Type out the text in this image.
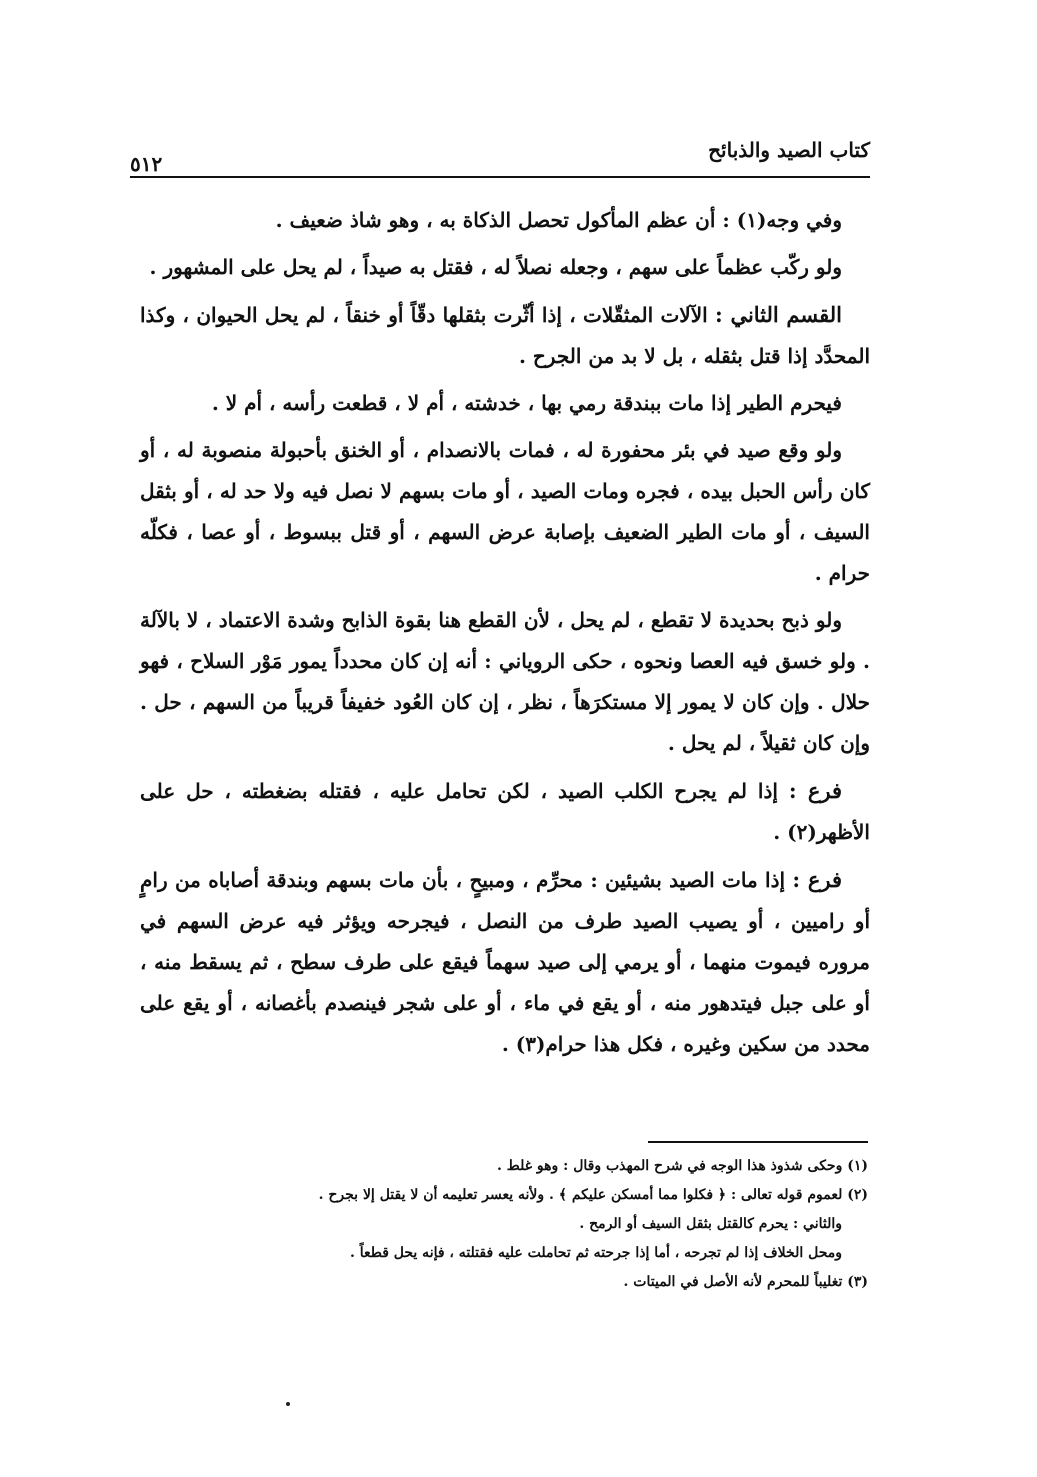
كتاب الصيد والذبائح
٥١٢

وفي وجه(١) : أن عظم المأكول تحصل الذكاة به ، وهو شاذ ضعيف .

ولو ركّب عظماً على سهم ، وجعله نصلاً له ، فقتل به صيداً ، لم يحل على المشهور .

القسم الثاني : الآلات المثقّلات ، إذا أثّرت بثقلها دقّاً أو خنقاً ، لم يحل الحيوان ، وكذا المحدَّد إذا قتل بثقله ، بل لا بد من الجرح .

فيحرم الطير إذا مات ببندقة رمي بها ، خدشته ، أم لا ، قطعت رأسه ، أم لا .

ولو وقع صيد في بئر محفورة له ، فمات بالانصدام ، أو الخنق بأحبولة منصوبة له ، أو كان رأس الحبل بيده ، فجره ومات الصيد ، أو مات بسهم لا نصل فيه ولا حد له ، أو بثقل السيف ، أو مات الطير الضعيف بإصابة عرض السهم ، أو قتل ببسوط ، أو عصا ، فكلّه حرام .

ولو ذبح بحديدة لا تقطع ، لم يحل ، لأن القطع هنا بقوة الذابح وشدة الاعتماد ، لا بالآلة . ولو خسق فيه العصا ونحوه ، حكى الروياني : أنه إن كان محدداً يمور مَوْر السلاح ، فهو حلال . وإن كان لا يمور إلا مستكرَهاً ، نظر ، إن كان العُود خفيفاً قريباً من السهم ، حل . وإن كان ثقيلاً ، لم يحل .

فرع : إذا لم يجرح الكلب الصيد ، لكن تحامل عليه ، فقتله بضغطته ، حل على الأظهر(٢) .

فرع : إذا مات الصيد بشيئين : محرِّم ، ومبيحٍ ، بأن مات بسهم وبندقة أصاباه من رامٍ أو راميين ، أو يصيب الصيد طرف من النصل ، فيجرحه ويؤثر فيه عرض السهم في مروره فيموت منهما ، أو يرمي إلى صيد سهماً فيقع على طرف سطح ، ثم يسقط منه ، أو على جبل فيتدهور منه ، أو يقع في ماء ، أو على شجر فينصدم بأغصانه ، أو يقع على محدد من سكين وغيره ، فكل هذا حرام(٣) .

(١) وحكى شذوذ هذا الوجه في شرح المهذب وقال : وهو غلط .

(٢) لعموم قوله تعالى : ﴿ فكلوا مما أمسكن عليكم ﴾ . ولأنه يعسر تعليمه أن لا يقتل إلا بجرح .

والثاني : يحرم كالقتل بثقل السيف أو الرمح .

ومحل الخلاف إذا لم تجرحه ، أما إذا جرحته ثم تحاملت عليه فقتلته ، فإنه يحل قطعاً .

(٣) تغليباً للمحرم لأنه الأصل في الميتات .
